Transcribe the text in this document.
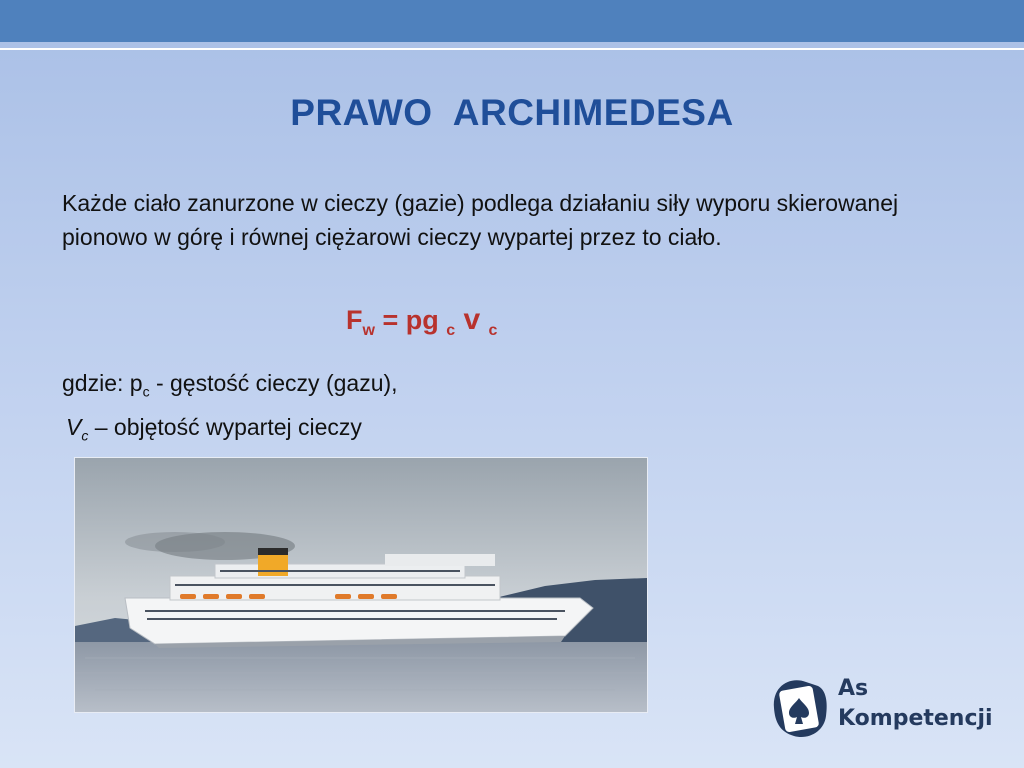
PRAWO  ARCHIMEDESA
Każde ciało zanurzone w cieczy (gazie) podlega działaniu siły wyporu skierowanej pionowo w górę i równej ciężarowi cieczy wypartej przez to ciało.
$F_w$ = pg $_c$ v $_c$
gdzie: $p_c$ - gęstość cieczy (gazu),
$V_c$ – objętość wypartej cieczy
As
Kompetencji
